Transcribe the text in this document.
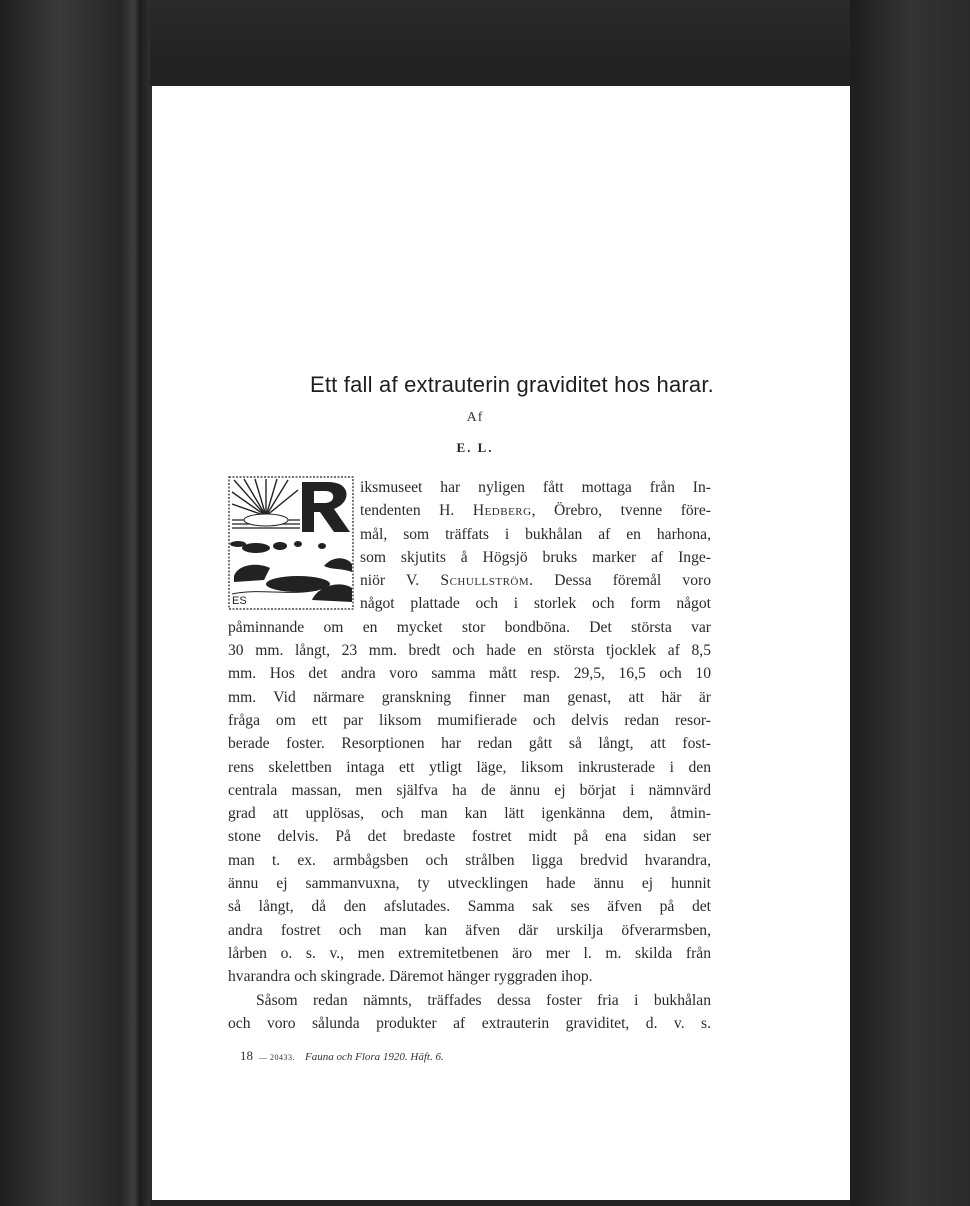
Ett fall af extrauterin graviditet hos harar.
Af
E. L.
ES
iksmuseet har nyligen fått mottaga från In-
tendenten H. Hedberg, Örebro, tvenne före-
mål, som träffats i bukhålan af en harhona,
som skjutits å Högsjö bruks marker af Inge-
niör V. Schullström. Dessa föremål voro
något plattade och i storlek och form något
påminnande om en mycket stor bondböna. Det största var
30 mm. långt, 23 mm. bredt och hade en största tjocklek af 8,5
mm. Hos det andra voro samma mått resp. 29,5, 16,5 och 10
mm. Vid närmare granskning finner man genast, att här är
fråga om ett par liksom mumifierade och delvis redan resor-
berade foster. Resorptionen har redan gått så långt, att fost-
rens skelettben intaga ett ytligt läge, liksom inkrusterade i den
centrala massan, men själfva ha de ännu ej börjat i nämnvärd
grad att upplösas, och man kan lätt igenkänna dem, åtmin-
stone delvis. På det bredaste fostret midt på ena sidan ser
man t. ex. armbågsben och strålben ligga bredvid hvarandra,
ännu ej sammanvuxna, ty utvecklingen hade ännu ej hunnit
så långt, då den afslutades. Samma sak ses äfven på det
andra fostret och man kan äfven där urskilja öfverarmsben,
lårben o. s. v., men extremitetbenen äro mer l. m. skilda från
hvarandra och skingrade. Däremot hänger ryggraden ihop.
Såsom redan nämnts, träffades dessa foster fria i bukhålan
och voro sålunda produkter af extrauterin graviditet, d. v. s.
18 — 20433. Fauna och Flora 1920. Häft. 6.
